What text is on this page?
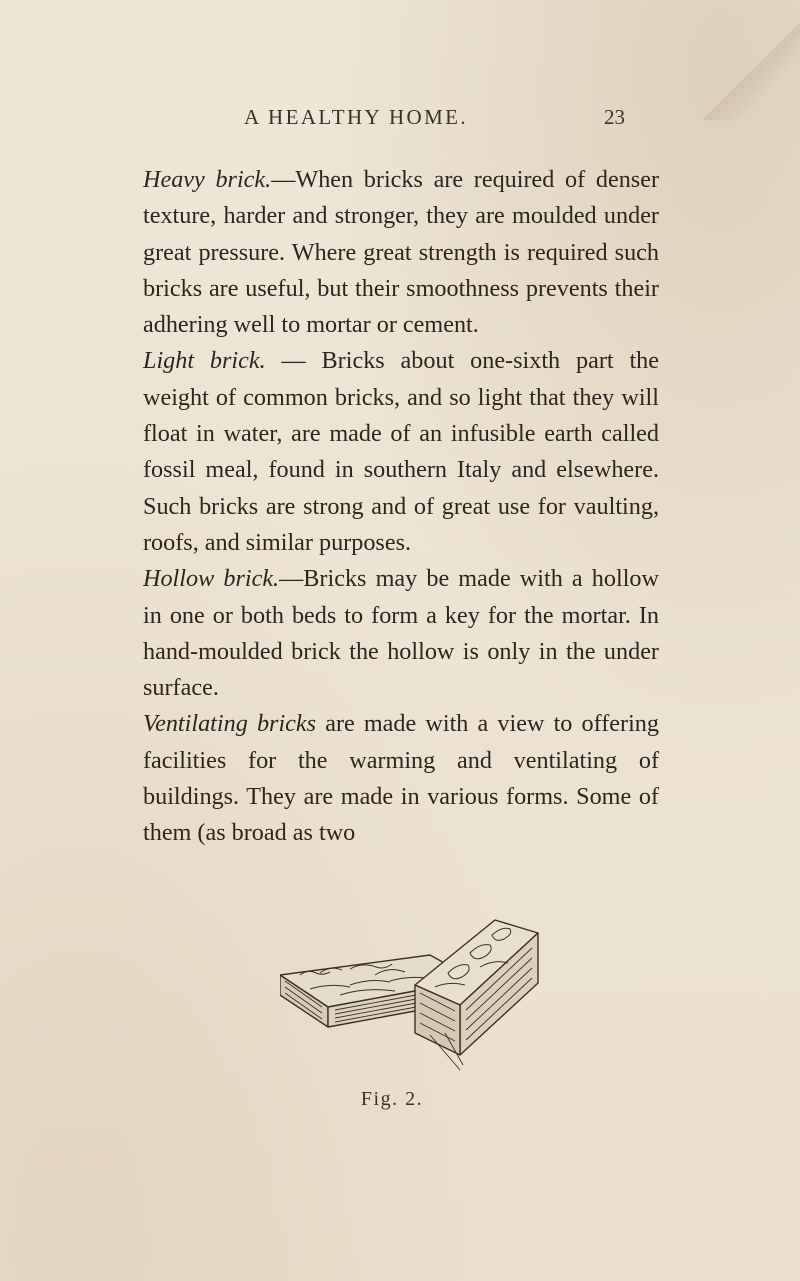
A HEALTHY HOME.	23

Heavy brick.—When bricks are required of denser texture, harder and stronger, they are moulded under great pressure. Where great strength is required such bricks are useful, but their smoothness prevents their adhering well to mortar or cement.

Light brick. — Bricks about one-sixth part the weight of common bricks, and so light that they will float in water, are made of an infusible earth called fossil meal, found in southern Italy and elsewhere. Such bricks are strong and of great use for vaulting, roofs, and similar purposes.

Hollow brick.—Bricks may be made with a hollow in one or both beds to form a key for the mortar. In hand-moulded brick the hollow is only in the under surface.

Ventilating bricks are made with a view to offering facilities for the warming and ventilating of buildings. They are made in various forms. Some of them (as broad as two

Fig. 2.
